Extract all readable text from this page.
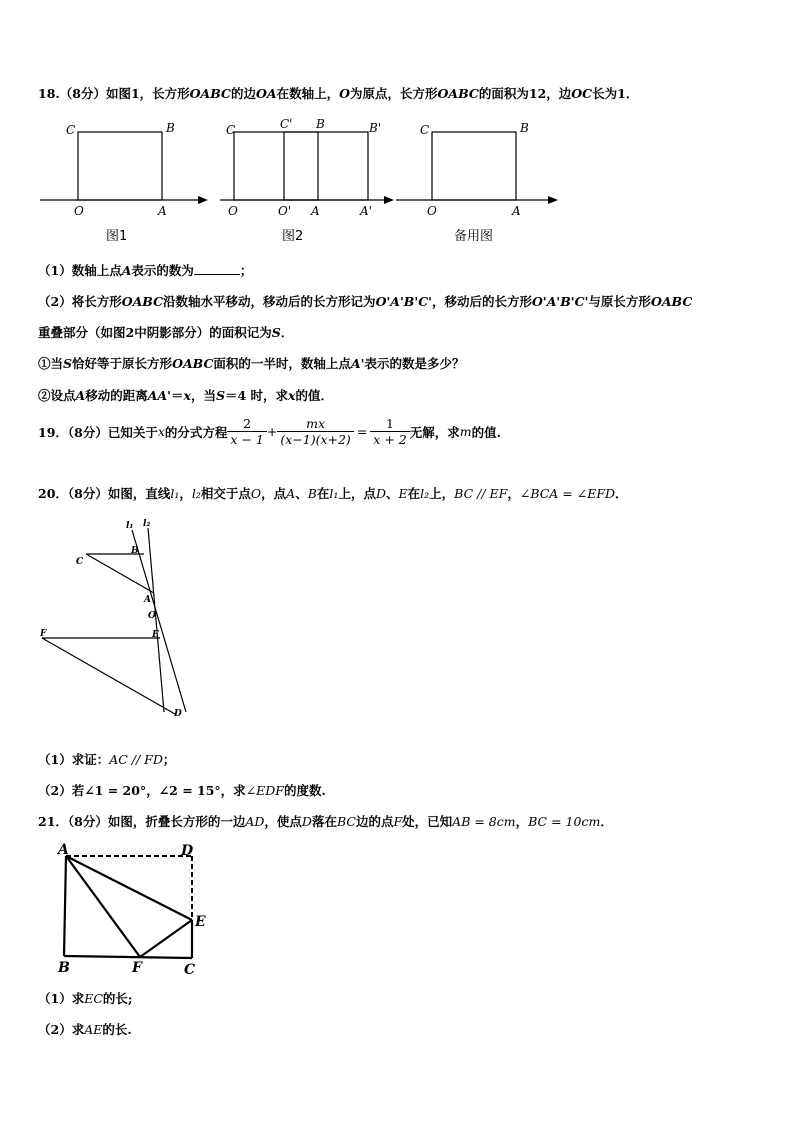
18.（8分）如图1，长方形OABC的边OA在数轴上，O为原点，长方形OABC的面积为12，边OC长为1．
C	B
O	A
图1
C	C' B	B'
O	O' A	A'
图2
C	B
O	A
备用图
（1）数轴上点A表示的数为	；
（2）将长方形OABC沿数轴水平移动，移动后的长方形记为O'A'B'C'，移动后的长方形O'A'B'C'与原长方形OABC
重叠部分（如图2中阴影部分）的面积记为S．
①当S恰好等于原长方形OABC面积的一半时，数轴上点A'表示的数是多少？
②设点A移动的距离AA'＝x，当S＝4 时，求x的值．
19．（8分）已知关于 x 的分式方程 $\frac{2}{x - 1} + \frac{mx}{(x-1)(x+2)} = \frac{1}{x + 2}$ 无解，求 m 的值.
20．（8分）如图，直线l₁，l₂相交于点O，点A、B在l₁上，点D、E在l₂上，BC // EF，∠BCA = ∠EFD．
l₁ l₂
B
C
A
O
F	E
D
（1）求证：AC // FD；
（2）若∠1 = 20°，∠2 = 15°，求∠EDF的度数.
21．（8分）如图，折叠长方形的一边AD，使点D落在BC边的点F处，已知AB = 8cm，BC = 10cm．
A	D
E
B	F	C
（1）求EC的长;
（2）求AE的长.
